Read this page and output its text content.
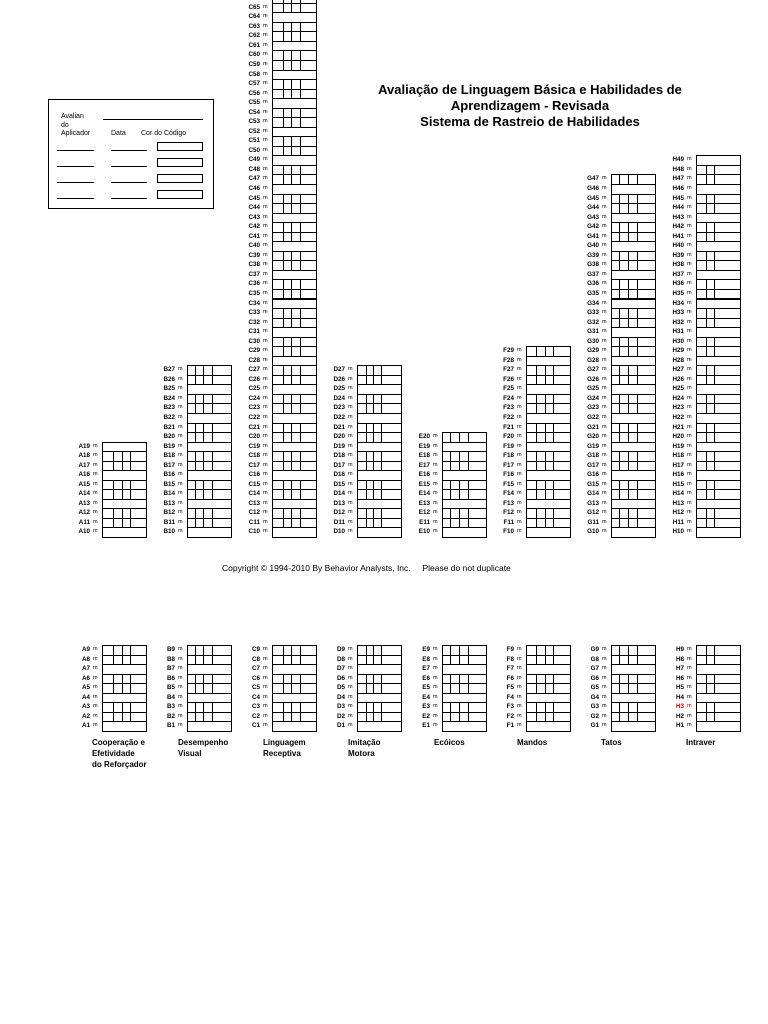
Avaliação de Linguagem Básica e Habilidades de
Aprendizagem - Revisada
Sistema de Rastreio de Habilidades
Avalian
do
Aplicador	Data Cor do Código
A10 m
A11 m
A12 m
A13 m
A14 m
A15 m
A16 m
A17 m
A18 m
A19 m
B10 m
B11 m
B12 m
B13 m
B14 m
B15 m
B16 m
B17 m
B18 m
B19 m
B20 m
B21 m
B22 m
B23 m
B24 m
B25 m
B26 m
B27 m
C10 m
C11 m
C12 m
C13 m
C14 m
C15 m
C16 m
C17 m
C18 m
C19 m
C20 m
C21 m
C22 m
C23 m
C24 m
C25 m
C26 m
C27 m
C28 m
C29 m
C30 m
C31 m
C32 m
C33 m
C34 m
C35 m
C36 m
C37 m
C38 m
C39 m
C40 m
C41 m
C42 m
C43 m
C44 m
C45 m
C46 m
C47 m
C48 m
C49 m
C50 m
C51 m
C52 m
C53 m
C54 m
C55 m
C56 m
C57 m
C58 m
C59 m
C60 m
C61 m
C62 m
C63 m
C64 m
C65 m
D10 m
D11 m
D12 m
D13 m
D14 m
D15 m
D16 m
D17 m
D18 m
D19 m
D20 m
D21 m
D22 m
D23 m
D24 m
D25 m
D26 m
D27 m
E10 m
E11 m
E12 m
E13 m
E14 m
E15 m
E16 m
E17 m
E18 m
E19 m
E20 m
F10 m
F11 m
F12 m
F13 m
F14 m
F15 m
F16 m
F17 m
F18 m
F19 m
F20 m
F21 m
F22 m
F23 m
F24 m
F25 m
F26 m
F27 m
F28 m
F29 m
G10 m
G11 m
G12 m
G13 m
G14 m
G15 m
G16 m
G17 m
G18 m
G19 m
G20 m
G21 m
G22 m
G23 m
G24 m
G25 m
G26 m
G27 m
G28 m
G29 m
G30 m
G31 m
G32 m
G33 m
G34 m
G35 m
G36 m
G37 m
G38 m
G39 m
G40 m
G41 m
G42 m
G43 m
G44 m
G45 m
G46 m
G47 m
H10 m
H11 m
H12 m
H13 m
H14 m
H15 m
H16 m
H17 m
H18 m
H19 m
H20 m
H21 m
H22 m
H23 m
H24 m
H25 m
H26 m
H27 m
H28 m
H29 m
H30 m
H31 m
H32 m
H33 m
H34 m
H35 m
H36 m
H37 m
H38 m
H39 m
H40 m
H41 m
H42 m
H43 m
H44 m
H45 m
H46 m
H47 m
H48 m
H49 m
A1 m
A2 m
A3 m
A4 m
A5 m
A6 m
A7 m
A8 m
A9 m
B1 m
B2 m
B3 m
B4 m
B5 m
B6 m
B7 m
B8 m
B9 m
C1 m
C2 m
C3 m
C4 m
C5 m
C6 m
C7 m
C8 m
C9 m
D1 m
D2 m
D3 m
D4 m
D5 m
D6 m
D7 m
D8 m
D9 m
E1 m
E2 m
E3 m
E4 m
E5 m
E6 m
E7 m
E8 m
E9 m
F1 m
F2 m
F3 m
F4 m
F5 m
F6 m
F7 m
F8 m
F9 m
G1 m
G2 m
G3 m
G4 m
G5 m
G6 m
G7 m
G8 m
G9 m
H1 m
H2 m
H3 m
H4 m
H5 m
H6 m
H7 m
H8 m
H9 m
Copyright © 1994-2010 By Behavior Analysts, Inc.     Please do not duplicate
Cooperação e
Efetividade
do Reforçador
Desempenho
Visual
Linguagem
Receptiva
Imitação
Motora
Ecóicos	Mandos	Tatos	Intraver
